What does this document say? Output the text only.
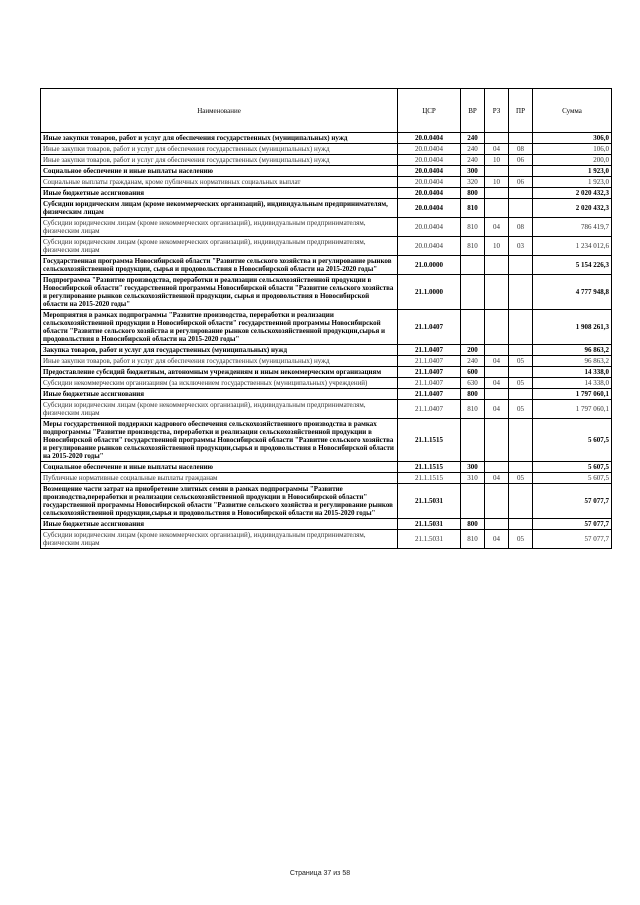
Наименование	ЦСР	ВР	РЗ	ПР	Сумма
Иные закупки товаров, работ и услуг для обеспечения государственных (муниципальных) нужд	20.0.0404	240			306,0
Иные закупки товаров, работ и услуг для обеспечения государственных (муниципальных) нужд	20.0.0404	240	04	08	106,0
Иные закупки товаров, работ и услуг для обеспечения государственных (муниципальных) нужд	20.0.0404	240	10	06	200,0
Социальное обеспечение и иные выплаты населению	20.0.0404	300			1 923,0
Социальные выплаты гражданам, кроме публичных нормативных социальных выплат	20.0.0404	320	10	06	1 923,0
Иные бюджетные ассигнования	20.0.0404	800			2 020 432,3
Субсидии юридическим лицам (кроме некоммерческих организаций), индивидуальным предпринимателям, физическим лицам	20.0.0404	810			2 020 432,3
Субсидии юридическим лицам (кроме некоммерческих организаций), индивидуальным предпринимателям, физическим лицам	20.0.0404	810	04	08	786 419,7
Субсидии юридическим лицам (кроме некоммерческих организаций), индивидуальным предпринимателям, физическим лицам	20.0.0404	810	10	03	1 234 012,6
Государственная программа Новосибирской области "Развитие сельского хозяйства и регулирование рынков сельскохозяйственной продукции, сырья и продовольствия в Новосибирской области на 2015-2020 годы"	21.0.0000				5 154 226,3
Подпрограмма "Развитие производства, переработки и реализации сельскохозяйственной продукции в Новосибирской области" государственной программы Новосибирской области "Развитие сельского хозяйства и регулирование рынков сельскохозяйственной продукции, сырья и продовольствия в Новосибирской области на 2015-2020 годы"	21.1.0000				4 777 948,8
Мероприятия в рамках подпрограммы "Развитие производства, переработки и реализации сельскохозяйственной продукции в Новосибирской области" государственной программы Новосибирской области "Развитие сельского хозяйства и регулирование рынков сельскохозяйственной продукции,сырья и продовольствия в Новосибирской области на 2015-2020 годы"	21.1.0407				1 908 261,3
Закупка товаров, работ и услуг для государственных (муниципальных) нужд	21.1.0407	200			96 863,2
Иные закупки товаров, работ и услуг для обеспечения государственных (муниципальных) нужд	21.1.0407	240	04	05	96 863,2
Предоставление субсидий бюджетным, автономным учреждениям и иным некоммерческим организациям	21.1.0407	600			14 338,0
Субсидии некоммерческим организациям (за исключением государственных (муниципальных) учреждений)	21.1.0407	630	04	05	14 338,0
Иные бюджетные ассигнования	21.1.0407	800			1 797 060,1
Субсидии юридическим лицам (кроме некоммерческих организаций), индивидуальным предпринимателям, физическим лицам	21.1.0407	810	04	05	1 797 060,1
Меры государственной поддержки кадрового обеспечения сельскохозяйственного производства в рамках подпрограммы "Развитие производства, переработки и реализации сельскохозяйственной продукции в Новосибирской области" государственной программы Новосибирской области "Развитие сельского хозяйства и регулирование рынков сельскохозяйственной продукции,сырья и продовольствия в Новосибирской области на 2015-2020 годы"	21.1.1515				5 607,5
Социальное обеспечение и иные выплаты населению	21.1.1515	300			5 607,5
Публичные нормативные социальные выплаты гражданам	21.1.1515	310	04	05	5 607,5
Возмещение части затрат на приобретение элитных семян в рамках подпрограммы "Развитие производства,переработки и реализации сельскохозяйственной продукции в Новосибирской области" государственной программы Новосибирской области "Развитие сельского хозяйства и регулирование рынков сельскохозяйственной продукции,сырья и продовольствия в Новосибирской области на 2015-2020 годы"	21.1.5031				57 077,7
Иные бюджетные ассигнования	21.1.5031	800			57 077,7
Субсидии юридическим лицам (кроме некоммерческих организаций), индивидуальным предпринимателям, физическим лицам	21.1.5031	810	04	05	57 077,7
Страница 37 из 58
